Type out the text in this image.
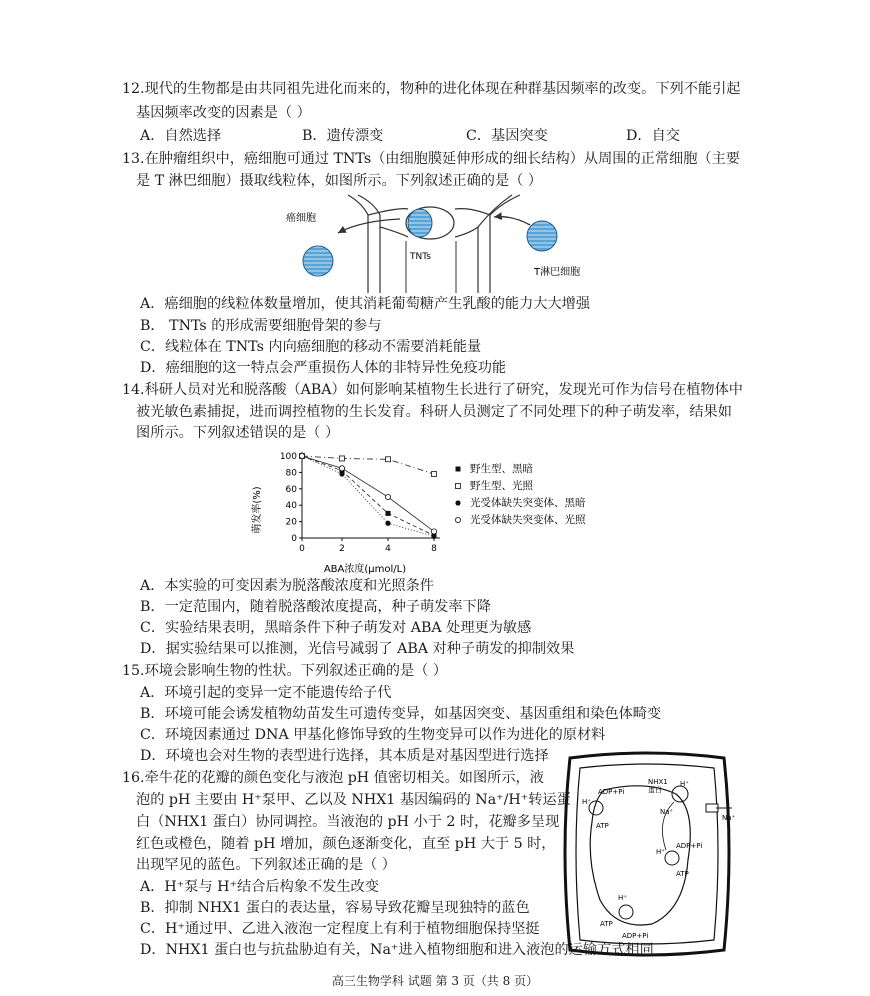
12.现代的生物都是由共同祖先进化而来的，物种的进化体现在种群基因频率的改变。下列不能引起
基因频率改变的因素是（ ）
A．自然选择	B．遗传漂变	C．基因突变	D．自交
13.在肿瘤组织中，癌细胞可通过 TNTs（由细胞膜延伸形成的细长结构）从周围的正常细胞（主要
是 T 淋巴细胞）摄取线粒体，如图所示。下列叙述正确的是（ ）
癌细胞
TNTs
T淋巴细胞
A．癌细胞的线粒体数量增加，使其消耗葡萄糖产生乳酸的能力大大增强
B． TNTs 的形成需要细胞骨架的参与
C．线粒体在 TNTs 内向癌细胞的移动不需要消耗能量
D．癌细胞的这一特点会严重损伤人体的非特异性免疫功能
14.科研人员对光和脱落酸（ABA）如何影响某植物生长进行了研究，发现光可作为信号在植物体中
被光敏色素捕捉，进而调控植物的生长发育。科研人员测定了不同处理下的种子萌发率，结果如
图所示。下列叙述错误的是（ ）
0
20
40
60
80
100
0	2	4	8
野生型、黑暗
野生型、光照
光受体缺失突变体、黑暗
光受体缺失突变体、光照
萌发率(%)
ABA浓度(μmol/L)
A．本实验的可变因素为脱落酸浓度和光照条件
B．一定范围内，随着脱落酸浓度提高，种子萌发率下降
C．实验结果表明，黑暗条件下种子萌发对 ABA 处理更为敏感
D．据实验结果可以推测，光信号减弱了 ABA 对种子萌发的抑制效果
15.环境会影响生物的性状。下列叙述正确的是（ ）
A．环境引起的变异一定不能遗传给子代
B．环境可能会诱发植物幼苗发生可遗传变异，如基因突变、基因重组和染色体畸变
C．环境因素通过 DNA 甲基化修饰导致的生物变异可以作为进化的原材料
D．环境也会对生物的表型进行选择，其本质是对基因型进行选择
16.牵牛花的花瓣的颜色变化与液泡 pH 值密切相关。如图所示，液
泡的 pH 主要由 H⁺泵甲、乙以及 NHX1 基因编码的 Na⁺/H⁺转运蛋
白（NHX1 蛋白）协同调控。当液泡的 pH 小于 2 时，花瓣多呈现
红色或橙色，随着 pH 增加，颜色逐渐变化，直至 pH 大于 5 时，
出现罕见的蓝色。下列叙述正确的是（ ）
H⁺
ADP+Pi
ATP
NHX1
蛋白
H⁺
Na⁺
Na⁺
H⁺
ATP
ADP+Pi
H⁺
ADP+Pi
ATP
A．H⁺泵与 H⁺结合后构象不发生改变
B．抑制 NHX1 蛋白的表达量，容易导致花瓣呈现独特的蓝色
C．H⁺通过甲、乙进入液泡一定程度上有利于植物细胞保持坚挺
D．NHX1 蛋白也与抗盐胁迫有关，Na⁺进入植物细胞和进入液泡的运输方式相同
高三生物学科 试题 第 3 页（共 8 页）
